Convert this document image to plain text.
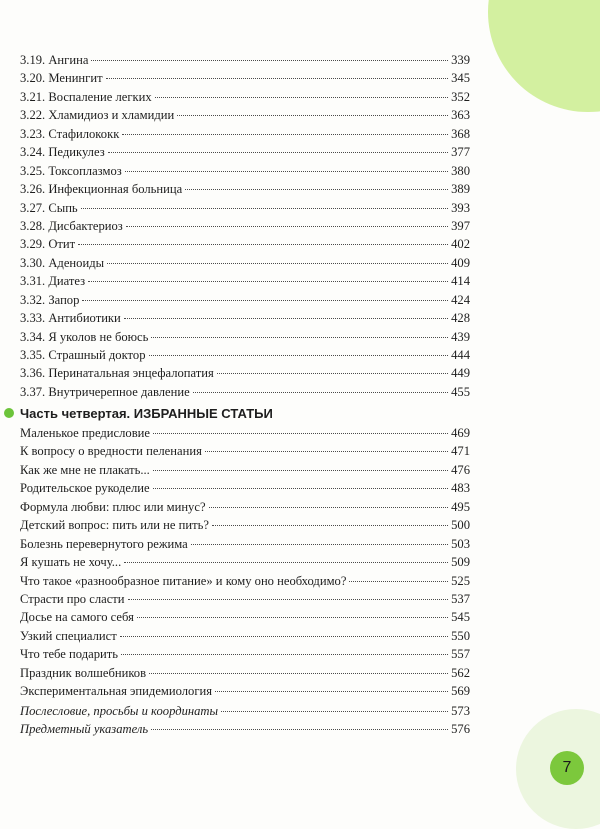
3.19. Ангина	339
3.20. Менингит	345
3.21. Воспаление легких	352
3.22. Хламидиоз и хламидии	363
3.23. Стафилококк	368
3.24. Педикулез	377
3.25. Токсоплазмоз	380
3.26. Инфекционная больница	389
3.27. Сыпь	393
3.28. Дисбактериоз	397
3.29. Отит	402
3.30. Аденоиды	409
3.31. Диатез	414
3.32. Запор	424
3.33. Антибиотики	428
3.34. Я уколов не боюсь	439
3.35. Страшный доктор	444
3.36. Перинатальная энцефалопатия	449
3.37. Внутричерепное давление	455
Часть четвертая. ИЗБРАННЫЕ СТАТЬИ
Маленькое предисловие	469
К вопросу о вредности пеленания	471
Как же мне не плакать...	476
Родительское рукоделие	483
Формула любви: плюс или минус?	495
Детский вопрос: пить или не пить?	500
Болезнь перевернутого режима	503
Я кушать не хочу...	509
Что такое «разнообразное питание» и кому оно необходимо?	525
Страсти про сласти	537
Досье на самого себя	545
Узкий специалист	550
Что тебе подарить	557
Праздник волшебников	562
Экспериментальная эпидемиология	569
Послесловие, просьбы и координаты	573
Предметный указатель	576
7
